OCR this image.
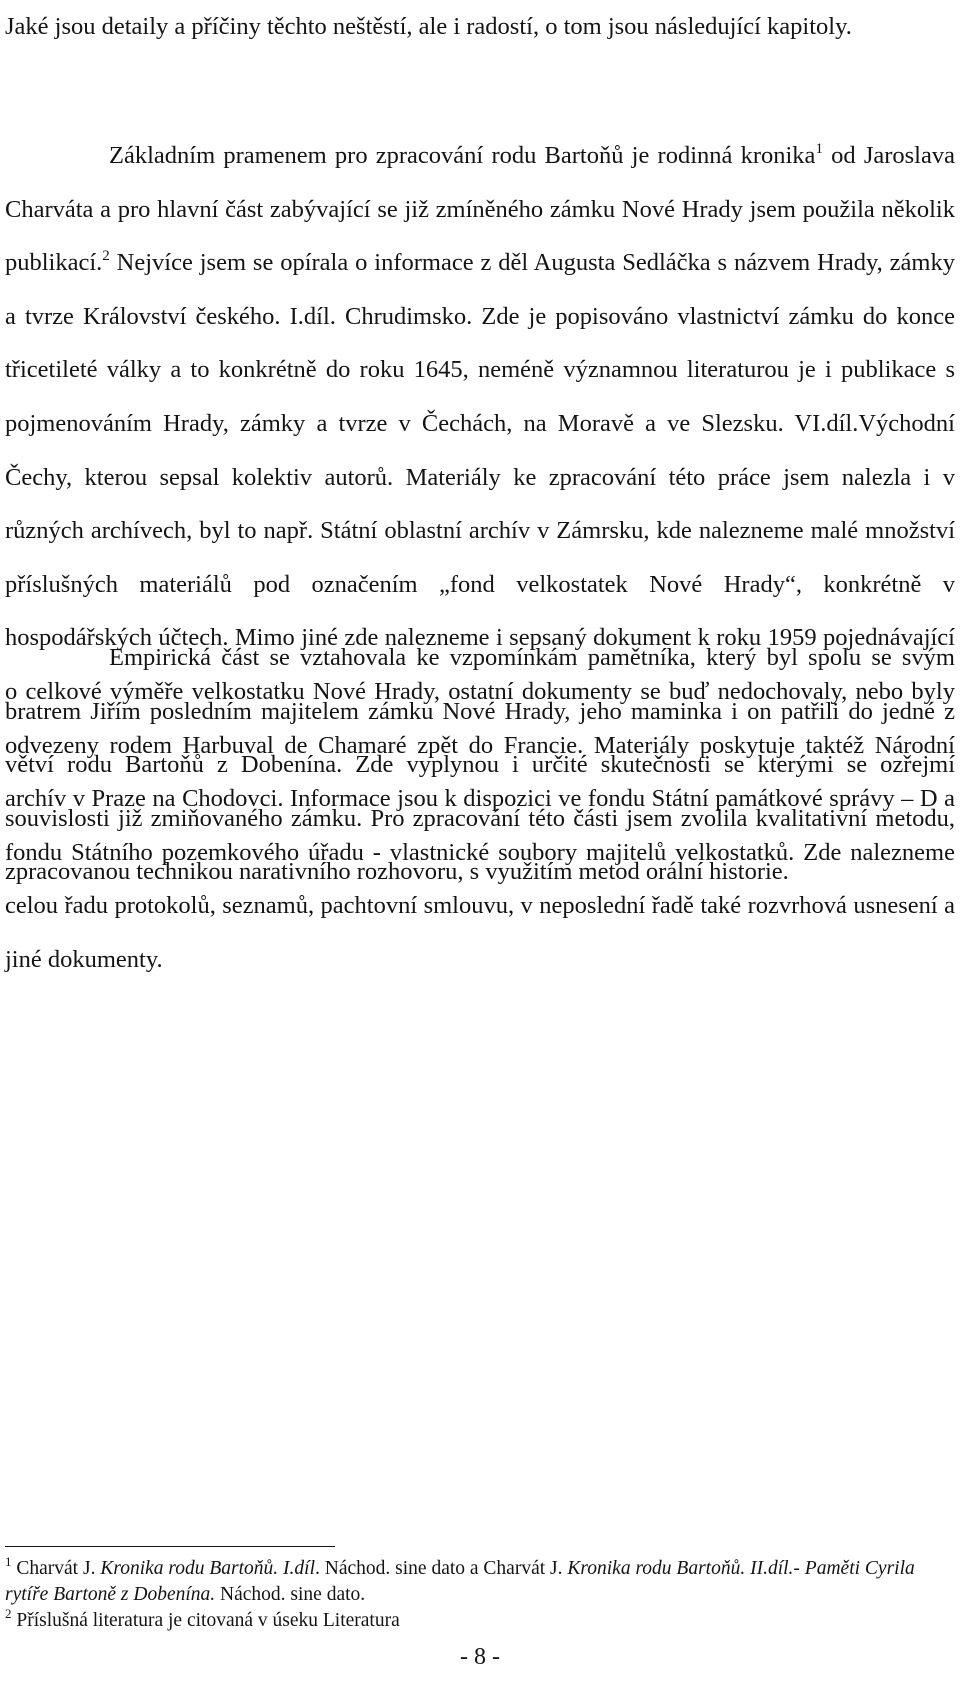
Jaké jsou detaily a příčiny těchto neštěstí, ale i radostí, o tom jsou následující kapitoly.

Základním pramenem pro zpracování rodu Bartoňů je rodinná kronika$^1$ od Jaroslava Charváta a pro hlavní část zabývající se již zmíněného zámku Nové Hrady jsem použila několik publikací.$^2$ Nejvíce jsem se opírala o informace z děl Augusta Sedláčka s názvem Hrady, zámky a tvrze Království českého. I.díl. Chrudimsko. Zde je popisováno vlastnictví zámku do konce třicetileté války a to konkrétně do roku 1645, neméně významnou literaturou je i publikace s pojmenováním Hrady, zámky a tvrze v Čechách, na Moravě a ve Slezsku. VI.díl.Východní Čechy, kterou sepsal kolektiv autorů. Materiály ke zpracování této práce jsem nalezla i v různých archívech, byl to např. Státní oblastní archív v Zámrsku, kde nalezneme malé množství příslušných materiálů pod označením „fond velkostatek Nové Hrady“, konkrétně v hospodářských účtech. Mimo jiné zde nalezneme i sepsaný dokument k roku 1959 pojednávající o celkové výměře velkostatku Nové Hrady, ostatní dokumenty se buď nedochovaly, nebo byly odvezeny rodem Harbuval de Chamaré zpět do Francie. Materiály poskytuje taktéž Národní archív v Praze na Chodovci. Informace jsou k dispozici ve fondu Státní památkové správy – D a fondu Státního pozemkového úřadu - vlastnické soubory majitelů velkostatků. Zde nalezneme celou řadu protokolů, seznamů, pachtovní smlouvu, v neposlední řadě také rozvrhová usnesení a jiné dokumenty.

Empirická část se vztahovala ke vzpomínkám pamětníka, který byl spolu se svým bratrem Jiřím posledním majitelem zámku Nové Hrady, jeho maminka i on patřili do jedné z větví rodu Bartoňů z Dobenína. Zde vyplynou i určité skutečnosti se kterými se ozřejmí souvislosti již zmiňovaného zámku. Pro zpracování této části jsem zvolila kvalitativní metodu, zpracovanou technikou narativního rozhovoru, s využitím metod orální historie.

$^1$ Charvát J. Kronika rodu Bartoňů. I.díl. Náchod. sine dato a Charvát J. Kronika rodu Bartoňů. II.díl.- Paměti Cyrila rytíře Bartoně z Dobenína. Náchod. sine dato.

$^2$ Příslušná literatura je citovaná v úseku Literatura

- 8 -
